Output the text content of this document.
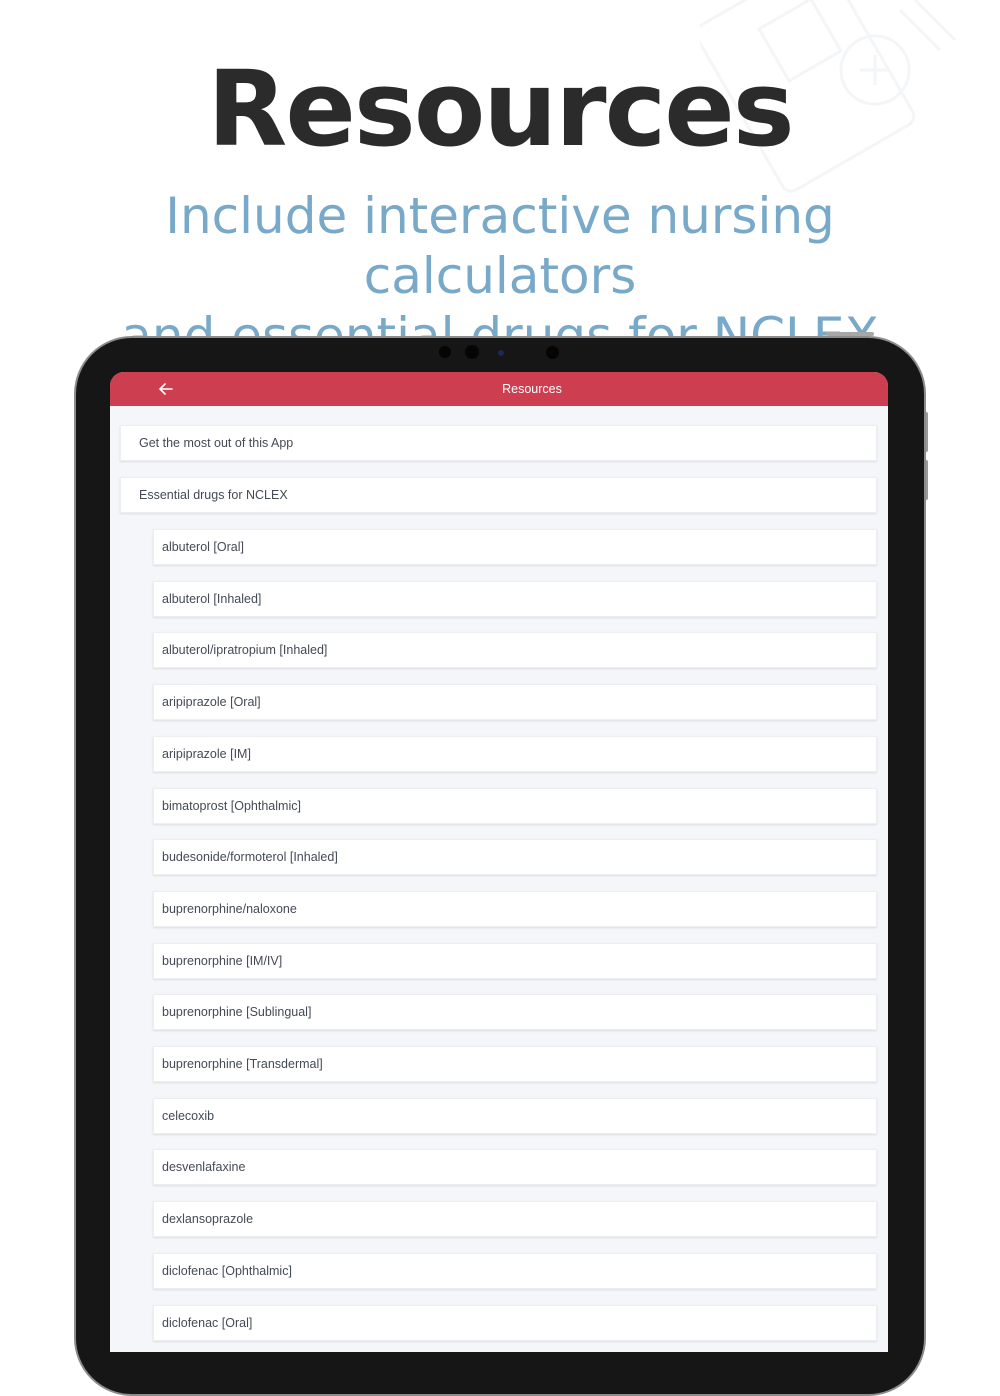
Resources
Include interactive nursing calculators
Resources
Get the most out of this App
Essential drugs for NCLEX
albuterol [Oral]
albuterol [Inhaled]
albuterol/ipratropium [Inhaled]
aripiprazole [Oral]
aripiprazole [IM]
bimatoprost [Ophthalmic]
budesonide/formoterol [Inhaled]
buprenorphine/naloxone
buprenorphine [IM/IV]
buprenorphine [Sublingual]
buprenorphine [Transdermal]
celecoxib
desvenlafaxine
dexlansoprazole
diclofenac [Ophthalmic]
diclofenac [Oral]
